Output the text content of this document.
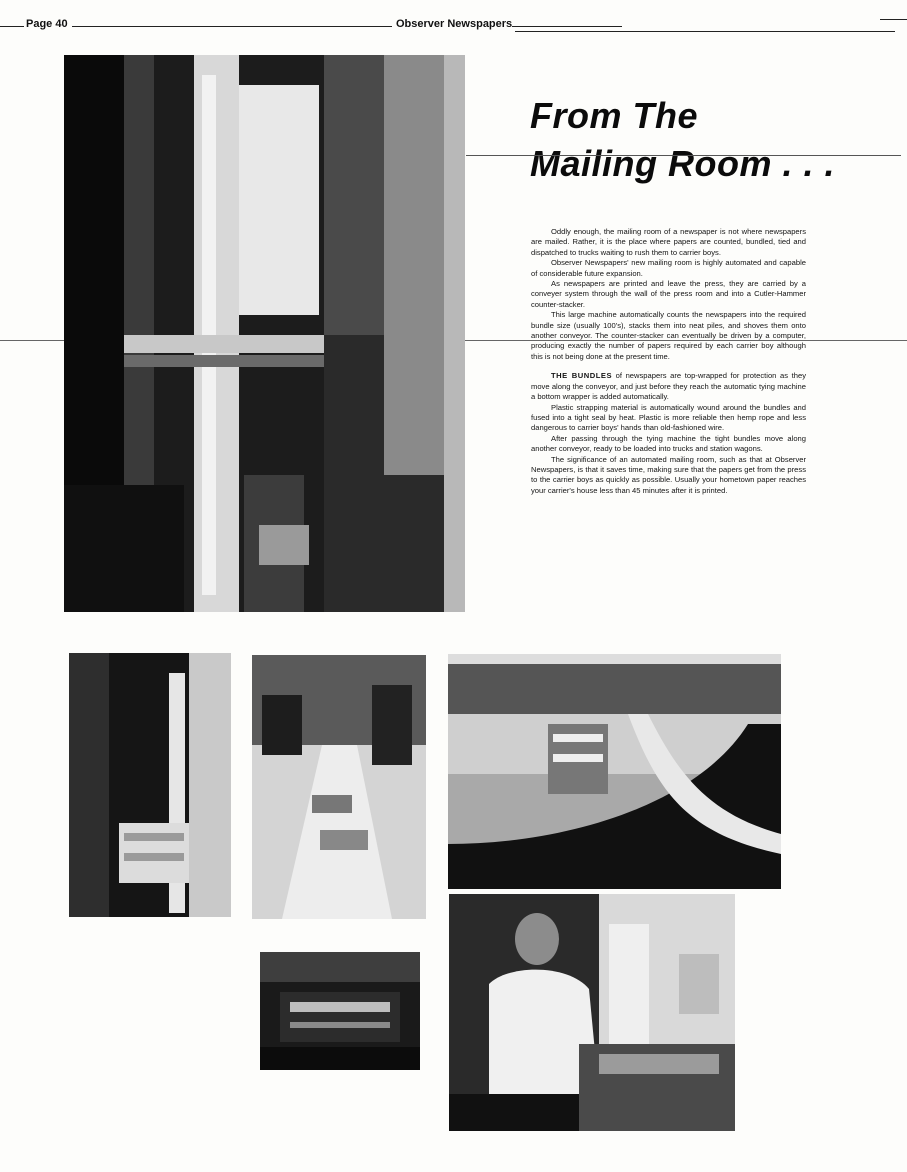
Page 40	Observer Newspapers
From The
Mailing Room . . .

Oddly enough, the mailing room of a newspaper is not where newspapers are mailed. Rather, it is the place where papers are counted, bundled, tied and dispatched to trucks waiting to rush them to carrier boys.

Observer Newspapers' new mailing room is highly automated and capable of considerable future expansion.

As newspapers are printed and leave the press, they are carried by a conveyer system through the wall of the press room and into a Cutler-Hammer counter-stacker.

This large machine automatically counts the newspapers into the required bundle size (usually 100's), stacks them into neat piles, and shoves them onto another conveyor. The counter-stacker can eventually be driven by a computer, producing exactly the number of papers required by each carrier boy although this is not being done at the present time.

THE BUNDLES of newspapers are top-wrapped for protection as they move along the conveyor, and just before they reach the automatic tying machine a bottom wrapper is added automatically.

Plastic strapping material is automatically wound around the bundles and fused into a tight seal by heat. Plastic is more reliable then hemp rope and less dangerous to carrier boys' hands than old-fashioned wire.

After passing through the tying machine the tight bundles move along another conveyor, ready to be loaded into trucks and station wagons.

The significance of an automated mailing room, such as that at Observer Newspapers, is that it saves time, making sure that the papers get from the press to the carrier boys as quickly as possible. Usually your hometown paper reaches your carrier's house less than 45 minutes after it is printed.
